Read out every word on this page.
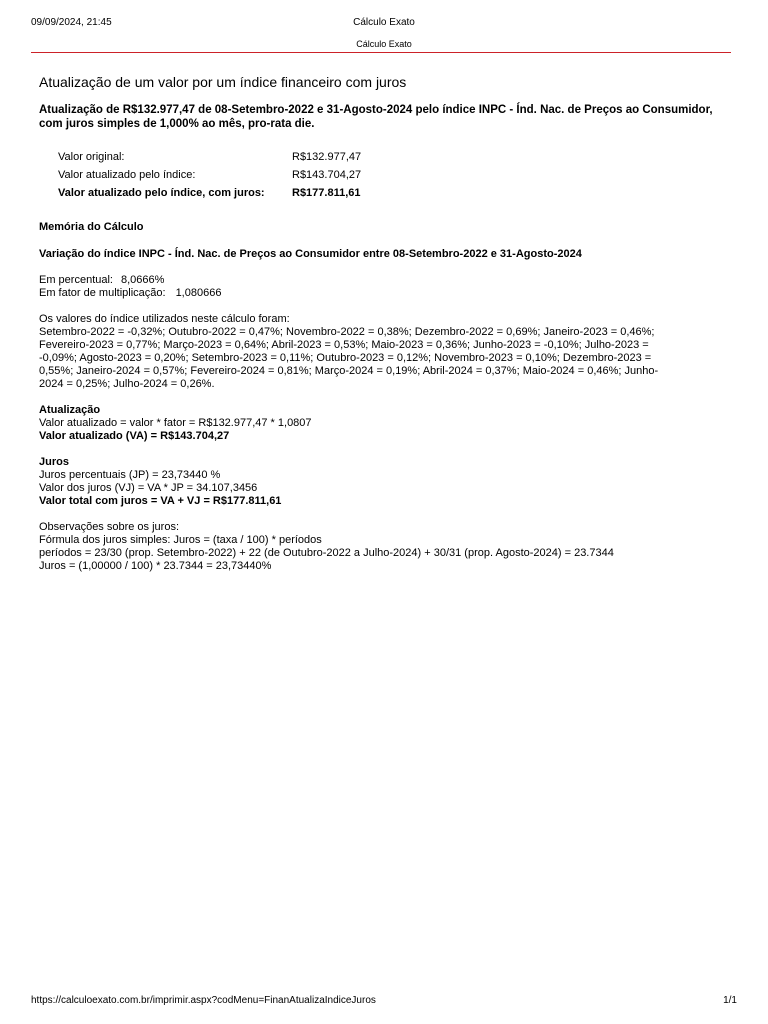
09/09/2024, 21:45	Cálculo Exato
Cálculo Exato
Atualização de um valor por um índice financeiro com juros
Atualização de R$132.977,47 de 08-Setembro-2022 e 31-Agosto-2024 pelo índice INPC - Índ. Nac. de Preços ao Consumidor, com juros simples de 1,000% ao mês, pro-rata die.
Valor original:	R$132.977,47
Valor atualizado pelo índice:	R$143.704,27
Valor atualizado pelo índice, com juros:	R$177.811,61
Memória do Cálculo
Variação do índice INPC - Índ. Nac. de Preços ao Consumidor entre 08-Setembro-2022 e 31-Agosto-2024
Em percentual: 8,0666%
Em fator de multiplicação: 1,080666
Os valores do índice utilizados neste cálculo foram:
Setembro-2022 = -0,32%; Outubro-2022 = 0,47%; Novembro-2022 = 0,38%; Dezembro-2022 = 0,69%; Janeiro-2023 = 0,46%;
Fevereiro-2023 = 0,77%; Março-2023 = 0,64%; Abril-2023 = 0,53%; Maio-2023 = 0,36%; Junho-2023 = -0,10%; Julho-2023 =
-0,09%; Agosto-2023 = 0,20%; Setembro-2023 = 0,11%; Outubro-2023 = 0,12%; Novembro-2023 = 0,10%; Dezembro-2023 =
0,55%; Janeiro-2024 = 0,57%; Fevereiro-2024 = 0,81%; Março-2024 = 0,19%; Abril-2024 = 0,37%; Maio-2024 = 0,46%; Junho-
2024 = 0,25%; Julho-2024 = 0,26%.
Atualização
Valor atualizado = valor * fator = R$132.977,47 * 1,0807
Valor atualizado (VA) = R$143.704,27
Juros
Juros percentuais (JP) = 23,73440 %
Valor dos juros (VJ) = VA * JP = 34.107,3456
Valor total com juros = VA + VJ = R$177.811,61
Observações sobre os juros:
Fórmula dos juros simples: Juros = (taxa / 100) * períodos
períodos = 23/30 (prop. Setembro-2022) + 22 (de Outubro-2022 a Julho-2024) + 30/31 (prop. Agosto-2024) = 23.7344
Juros = (1,00000 / 100) * 23.7344 = 23,73440%
https://calculoexato.com.br/imprimir.aspx?codMenu=FinanAtualizaIndiceJuros	1/1
